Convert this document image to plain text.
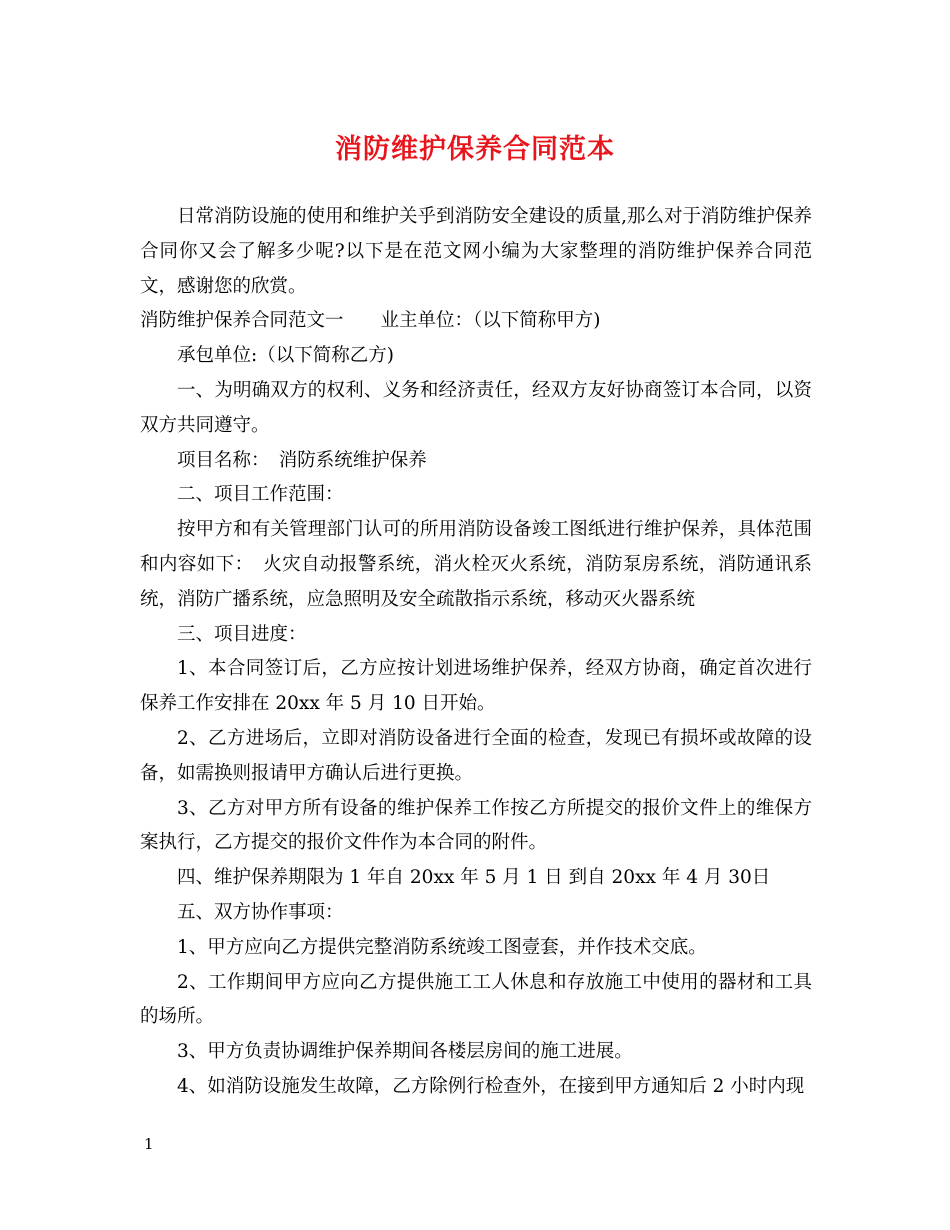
消防维护保养合同范本

日常消防设施的使用和维护关乎到消防安全建设的质量,那么对于消防维护保养合同你又会了解多少呢?以下是在范文网小编为大家整理的消防维护保养合同范文，感谢您的欣赏。

消防维护保养合同范文一　　业主单位：（以下简称甲方)

承包单位:（以下简称乙方)

一、为明确双方的权利、义务和经济责任，经双方友好协商签订本合同，以资双方共同遵守。

项目名称：　消防系统维护保养

二、项目工作范围：

按甲方和有关管理部门认可的所用消防设备竣工图纸进行维护保养，具体范围和内容如下：　火灾自动报警系统，消火栓灭火系统，消防泵房系统，消防通讯系统，消防广播系统，应急照明及安全疏散指示系统，移动灭火器系统

三、项目进度：

1、本合同签订后，乙方应按计划进场维护保养，经双方协商，确定首次进行保养工作安排在 20xx 年 5 月 10 日开始。

2、乙方进场后，立即对消防设备进行全面的检查，发现已有损坏或故障的设备，如需换则报请甲方确认后进行更换。

3、乙方对甲方所有设备的维护保养工作按乙方所提交的报价文件上的维保方案执行，乙方提交的报价文件作为本合同的附件。

四、维护保养期限为 1 年自 20xx 年 5 月 1 日 到自 20xx 年 4 月 30日

五、双方协作事项：

1、甲方应向乙方提供完整消防系统竣工图壹套，并作技术交底。

2、工作期间甲方应向乙方提供施工工人休息和存放施工中使用的器材和工具的场所。

3、甲方负责协调维护保养期间各楼层房间的施工进展。

4、如消防设施发生故障，乙方除例行检查外，在接到甲方通知后 2 小时内现

1
